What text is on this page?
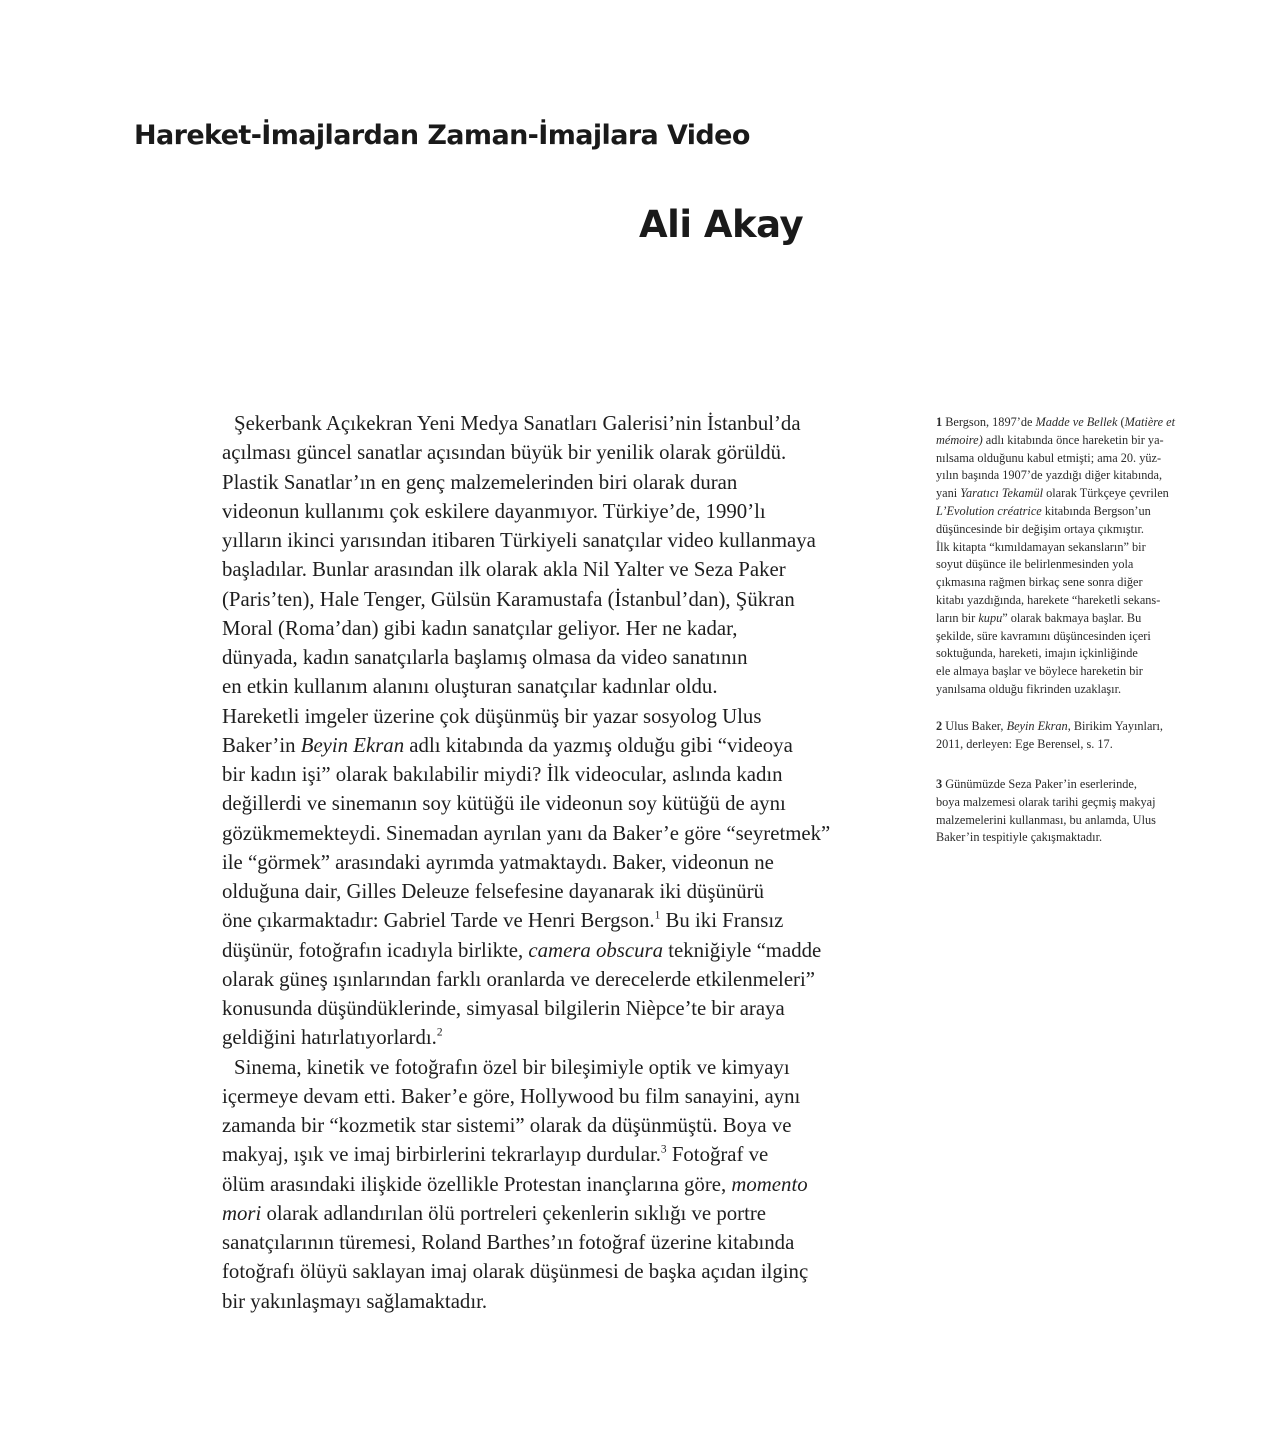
Hareket-İmajlardan Zaman-İmajlara Video
Ali Akay
Şekerbank Açıkekran Yeni Medya Sanatları Galerisi’nin İstanbul’da
açılması güncel sanatlar açısından büyük bir yenilik olarak görüldü.
Plastik Sanatlar’ın en genç malzemelerinden biri olarak duran
videonun kullanımı çok eskilere dayanmıyor. Türkiye’de, 1990’lı
yılların ikinci yarısından itibaren Türkiyeli sanatçılar video kullanmaya
başladılar. Bunlar arasından ilk olarak akla Nil Yalter ve Seza Paker
(Paris’ten), Hale Tenger, Gülsün Karamustafa (İstanbul’dan), Şükran
Moral (Roma’dan) gibi kadın sanatçılar geliyor. Her ne kadar,
dünyada, kadın sanatçılarla başlamış olmasa da video sanatının
en etkin kullanım alanını oluşturan sanatçılar kadınlar oldu.
Hareketli imgeler üzerine çok düşünmüş bir yazar sosyolog Ulus
Baker’in Beyin Ekran adlı kitabında da yazmış olduğu gibi “videoya
bir kadın işi” olarak bakılabilir miydi? İlk videocular, aslında kadın
değillerdi ve sinemanın soy kütüğü ile videonun soy kütüğü de aynı
gözükmemekteydi. Sinemadan ayrılan yanı da Baker’e göre “seyretmek”
ile “görmek” arasındaki ayrımda yatmaktaydı. Baker, videonun ne
olduğuna dair, Gilles Deleuze felsefesine dayanarak iki düşünürü
öne çıkarmaktadır: Gabriel Tarde ve Henri Bergson.$^1$ Bu iki Fransız
düşünür, fotoğrafın icadıyla birlikte, camera obscura tekniğiyle “madde
olarak güneş ışınlarından farklı oranlarda ve derecelerde etkilenmeleri”
konusunda düşündüklerinde, simyasal bilgilerin Nièpce’te bir araya
geldiğini hatırlatıyorlardı.$^2$
Sinema, kinetik ve fotoğrafın özel bir bileşimiyle optik ve kimyayı
içermeye devam etti. Baker’e göre, Hollywood bu film sanayini, aynı
zamanda bir “kozmetik star sistemi” olarak da düşünmüştü. Boya ve
makyaj, ışık ve imaj birbirlerini tekrarlayıp durdular.$^3$ Fotoğraf ve
ölüm arasındaki ilişkide özellikle Protestan inançlarına göre, momento
mori olarak adlandırılan ölü portreleri çekenlerin sıklığı ve portre
sanatçılarının türemesi, Roland Barthes’ın fotoğraf üzerine kitabında
fotoğrafı ölüyü saklayan imaj olarak düşünmesi de başka açıdan ilginç
bir yakınlaşmayı sağlamaktadır.
1 Bergson, 1897’de Madde ve Bellek (Matière et
mémoire) adlı kitabında önce hareketin bir ya-
nılsama olduğunu kabul etmişti; ama 20. yüz-
yılın başında 1907’de yazdığı diğer kitabında,
yani Yaratıcı Tekamül olarak Türkçeye çevrilen
L’Evolution créatrice kitabında Bergson’un
düşüncesinde bir değişim ortaya çıkmıştır.
İlk kitapta “kımıldamayan sekansların” bir
soyut düşünce ile belirlenmesinden yola
çıkmasına rağmen birkaç sene sonra diğer
kitabı yazdığında, harekete “hareketli sekans-
ların bir kupu” olarak bakmaya başlar. Bu
şekilde, süre kavramını düşüncesinden içeri
soktuğunda, hareketi, imajın içkinliğinde
ele almaya başlar ve böylece hareketin bir
yanılsama olduğu fikrinden uzaklaşır.
2 Ulus Baker, Beyin Ekran, Birikim Yayınları,
2011, derleyen: Ege Berensel, s. 17.
3 Günümüzde Seza Paker’in eserlerinde,
boya malzemesi olarak tarihi geçmiş makyaj
malzemelerini kullanması, bu anlamda, Ulus
Baker’in tespitiyle çakışmaktadır.
